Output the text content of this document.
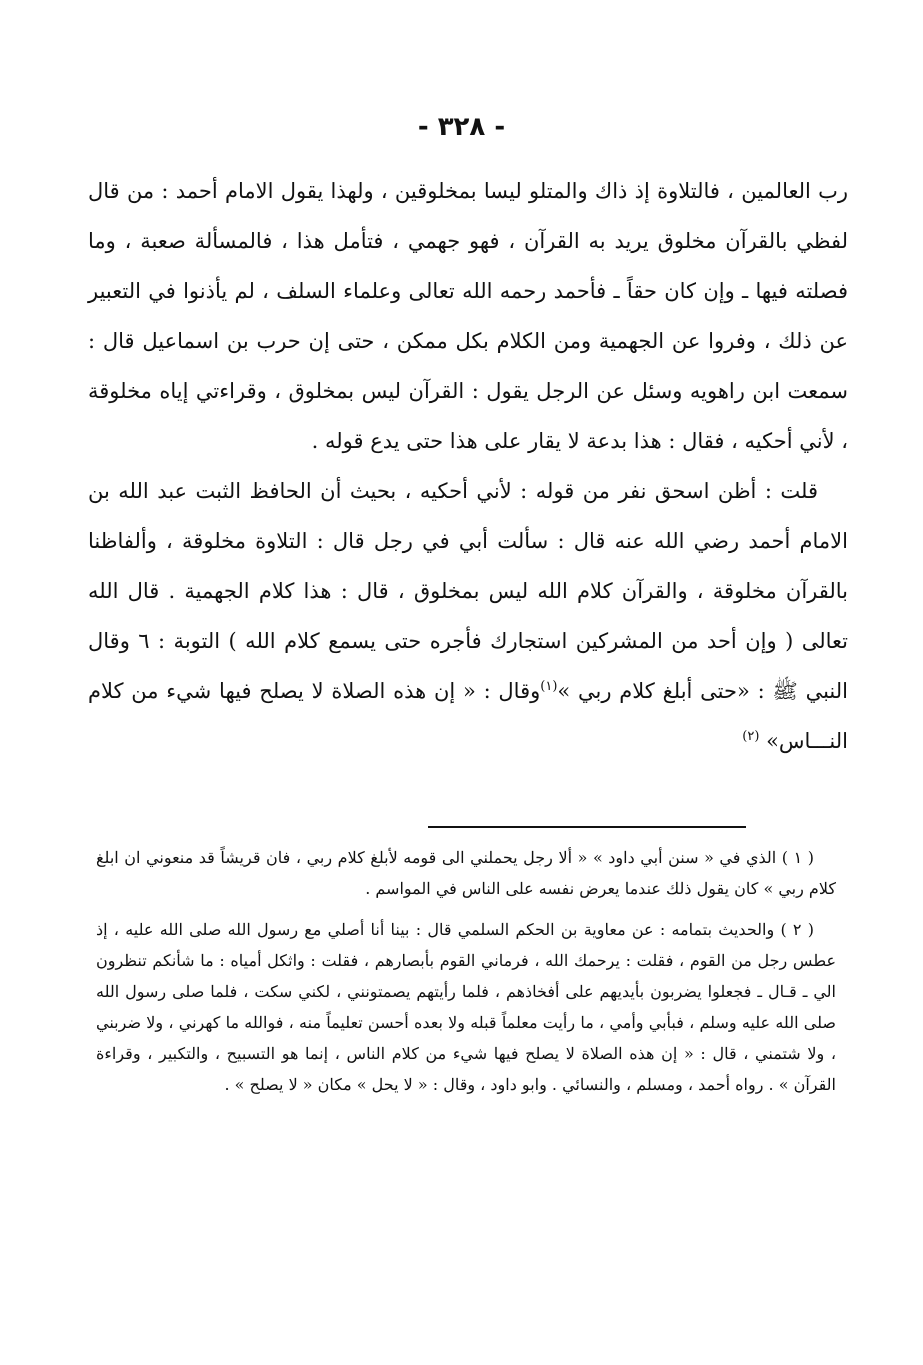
- ٣٢٨ -

رب العالمين ، فالتلاوة إذ ذاك والمتلو ليسا بمخلوقين ، ولهذا يقول الامام أحمد : من قال لفظي بالقرآن مخلوق يريد به القرآن ، فهو جهمي ، فتأمل هذا ، فالمسألة صعبة ، وما فصلته فيها ـ وإن كان حقاً ـ فأحمد رحمه الله تعالى وعلماء السلف ، لم يأذنوا في التعبير عن ذلك ، وفروا عن الجهمية ومن الكلام بكل ممكن ، حتى إن حرب بن اسماعيل قال : سمعت ابن راهويه وسئل عن الرجل يقول : القرآن ليس بمخلوق ، وقراءتي إياه مخلوقة ، لأني أحكيه ، فقال : هذا بدعة لا يقار على هذا حتى يدع قوله .

قلت : أظن اسحق نفر من قوله : لأني أحكيه ، بحيث أن الحافظ الثبت عبد الله بن الامام أحمد رضي الله عنه قال : سألت أبي في رجل قال : التلاوة مخلوقة ، وألفاظنا بالقرآن مخلوقة ، والقرآن كلام الله ليس بمخلوق ، قال : هذا كلام الجهمية . قال الله تعالى ( وإن أحد من المشركين استجارك فأجره حتى يسمع كلام الله ) التوبة : ٦ وقال النبي ﷺ : «حتى أبلغ كلام ربي »$^{(١)}$وقال : « إن هذه الصلاة لا يصلح فيها شيء من كلام النـــاس» $^{(٢)}$

( ١ ) الذي في « سنن أبي داود » « ألا رجل يحملني الى قومه لأبلغ كلام ربي ، فان قريشاً قد منعوني ان ابلغ كلام ربي » كان يقول ذلك عندما يعرض نفسه على الناس في المواسم .

( ٢ ) والحديث بتمامه : عن معاوية بن الحكم السلمي قال : بينا أنا أصلي مع رسول الله صلى الله عليه ، إذ عطس رجل من القوم ، فقلت : يرحمك الله ، فرماني القوم بأبصارهم ، فقلت : واثكل أمياه : ما شأنكم تنظرون الي ـ قـال ـ فجعلوا يضربون بأيديهم على أفخاذهم ، فلما رأيتهم يصمتونني ، لكني سكت ، فلما صلى رسول الله صلى الله عليه وسلم ، فبأبي وأمي ، ما رأيت معلماً قبله ولا بعده أحسن تعليماً منه ، فوالله ما كهرني ، ولا ضربني ، ولا شتمني ، قال : « إن هذه الصلاة لا يصلح فيها شيء من كلام الناس ، إنما هو التسبيح ، والتكبير ، وقراءة القرآن » . رواه أحمد ، ومسلم ، والنسائي . وابو داود ، وقال : « لا يحل » مكان « لا يصلح » .
